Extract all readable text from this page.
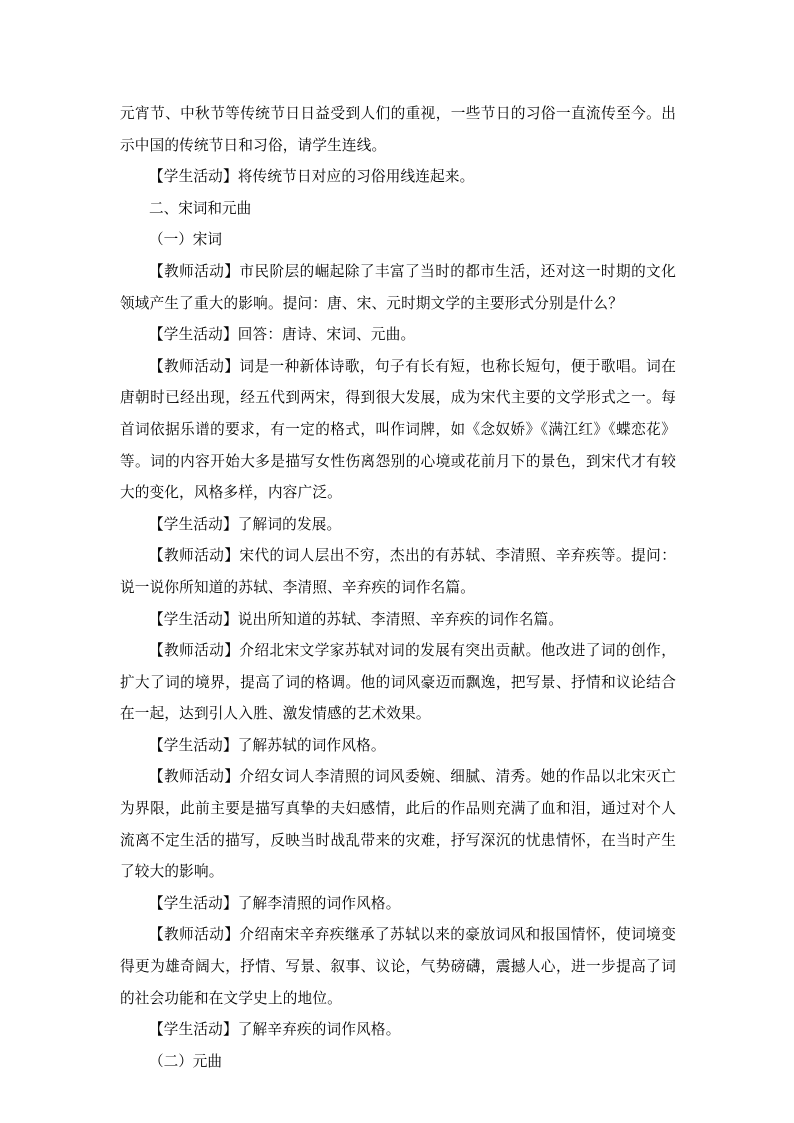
元宵节、中秋节等传统节日日益受到人们的重视，一些节日的习俗一直流传至今。出示中国的传统节日和习俗，请学生连线。

【学生活动】将传统节日对应的习俗用线连起来。

二、宋词和元曲

（一）宋词

【教师活动】市民阶层的崛起除了丰富了当时的都市生活，还对这一时期的文化领域产生了重大的影响。提问：唐、宋、元时期文学的主要形式分别是什么？

【学生活动】回答：唐诗、宋词、元曲。

【教师活动】词是一种新体诗歌，句子有长有短，也称长短句，便于歌唱。词在唐朝时已经出现，经五代到两宋，得到很大发展，成为宋代主要的文学形式之一。每首词依据乐谱的要求，有一定的格式，叫作词牌，如《念奴娇》《满江红》《蝶恋花》等。词的内容开始大多是描写女性伤离怨别的心境或花前月下的景色，到宋代才有较大的变化，风格多样，内容广泛。

【学生活动】了解词的发展。

【教师活动】宋代的词人层出不穷，杰出的有苏轼、李清照、辛弃疾等。提问：说一说你所知道的苏轼、李清照、辛弃疾的词作名篇。

【学生活动】说出所知道的苏轼、李清照、辛弃疾的词作名篇。

【教师活动】介绍北宋文学家苏轼对词的发展有突出贡献。他改进了词的创作，扩大了词的境界，提高了词的格调。他的词风豪迈而飘逸，把写景、抒情和议论结合在一起，达到引人入胜、激发情感的艺术效果。

【学生活动】了解苏轼的词作风格。

【教师活动】介绍女词人李清照的词风委婉、细腻、清秀。她的作品以北宋灭亡为界限，此前主要是描写真挚的夫妇感情，此后的作品则充满了血和泪，通过对个人流离不定生活的描写，反映当时战乱带来的灾难，抒写深沉的忧患情怀，在当时产生了较大的影响。

【学生活动】了解李清照的词作风格。

【教师活动】介绍南宋辛弃疾继承了苏轼以来的豪放词风和报国情怀，使词境变得更为雄奇阔大，抒情、写景、叙事、议论，气势磅礴，震撼人心，进一步提高了词的社会功能和在文学史上的地位。

【学生活动】了解辛弃疾的词作风格。

（二）元曲
